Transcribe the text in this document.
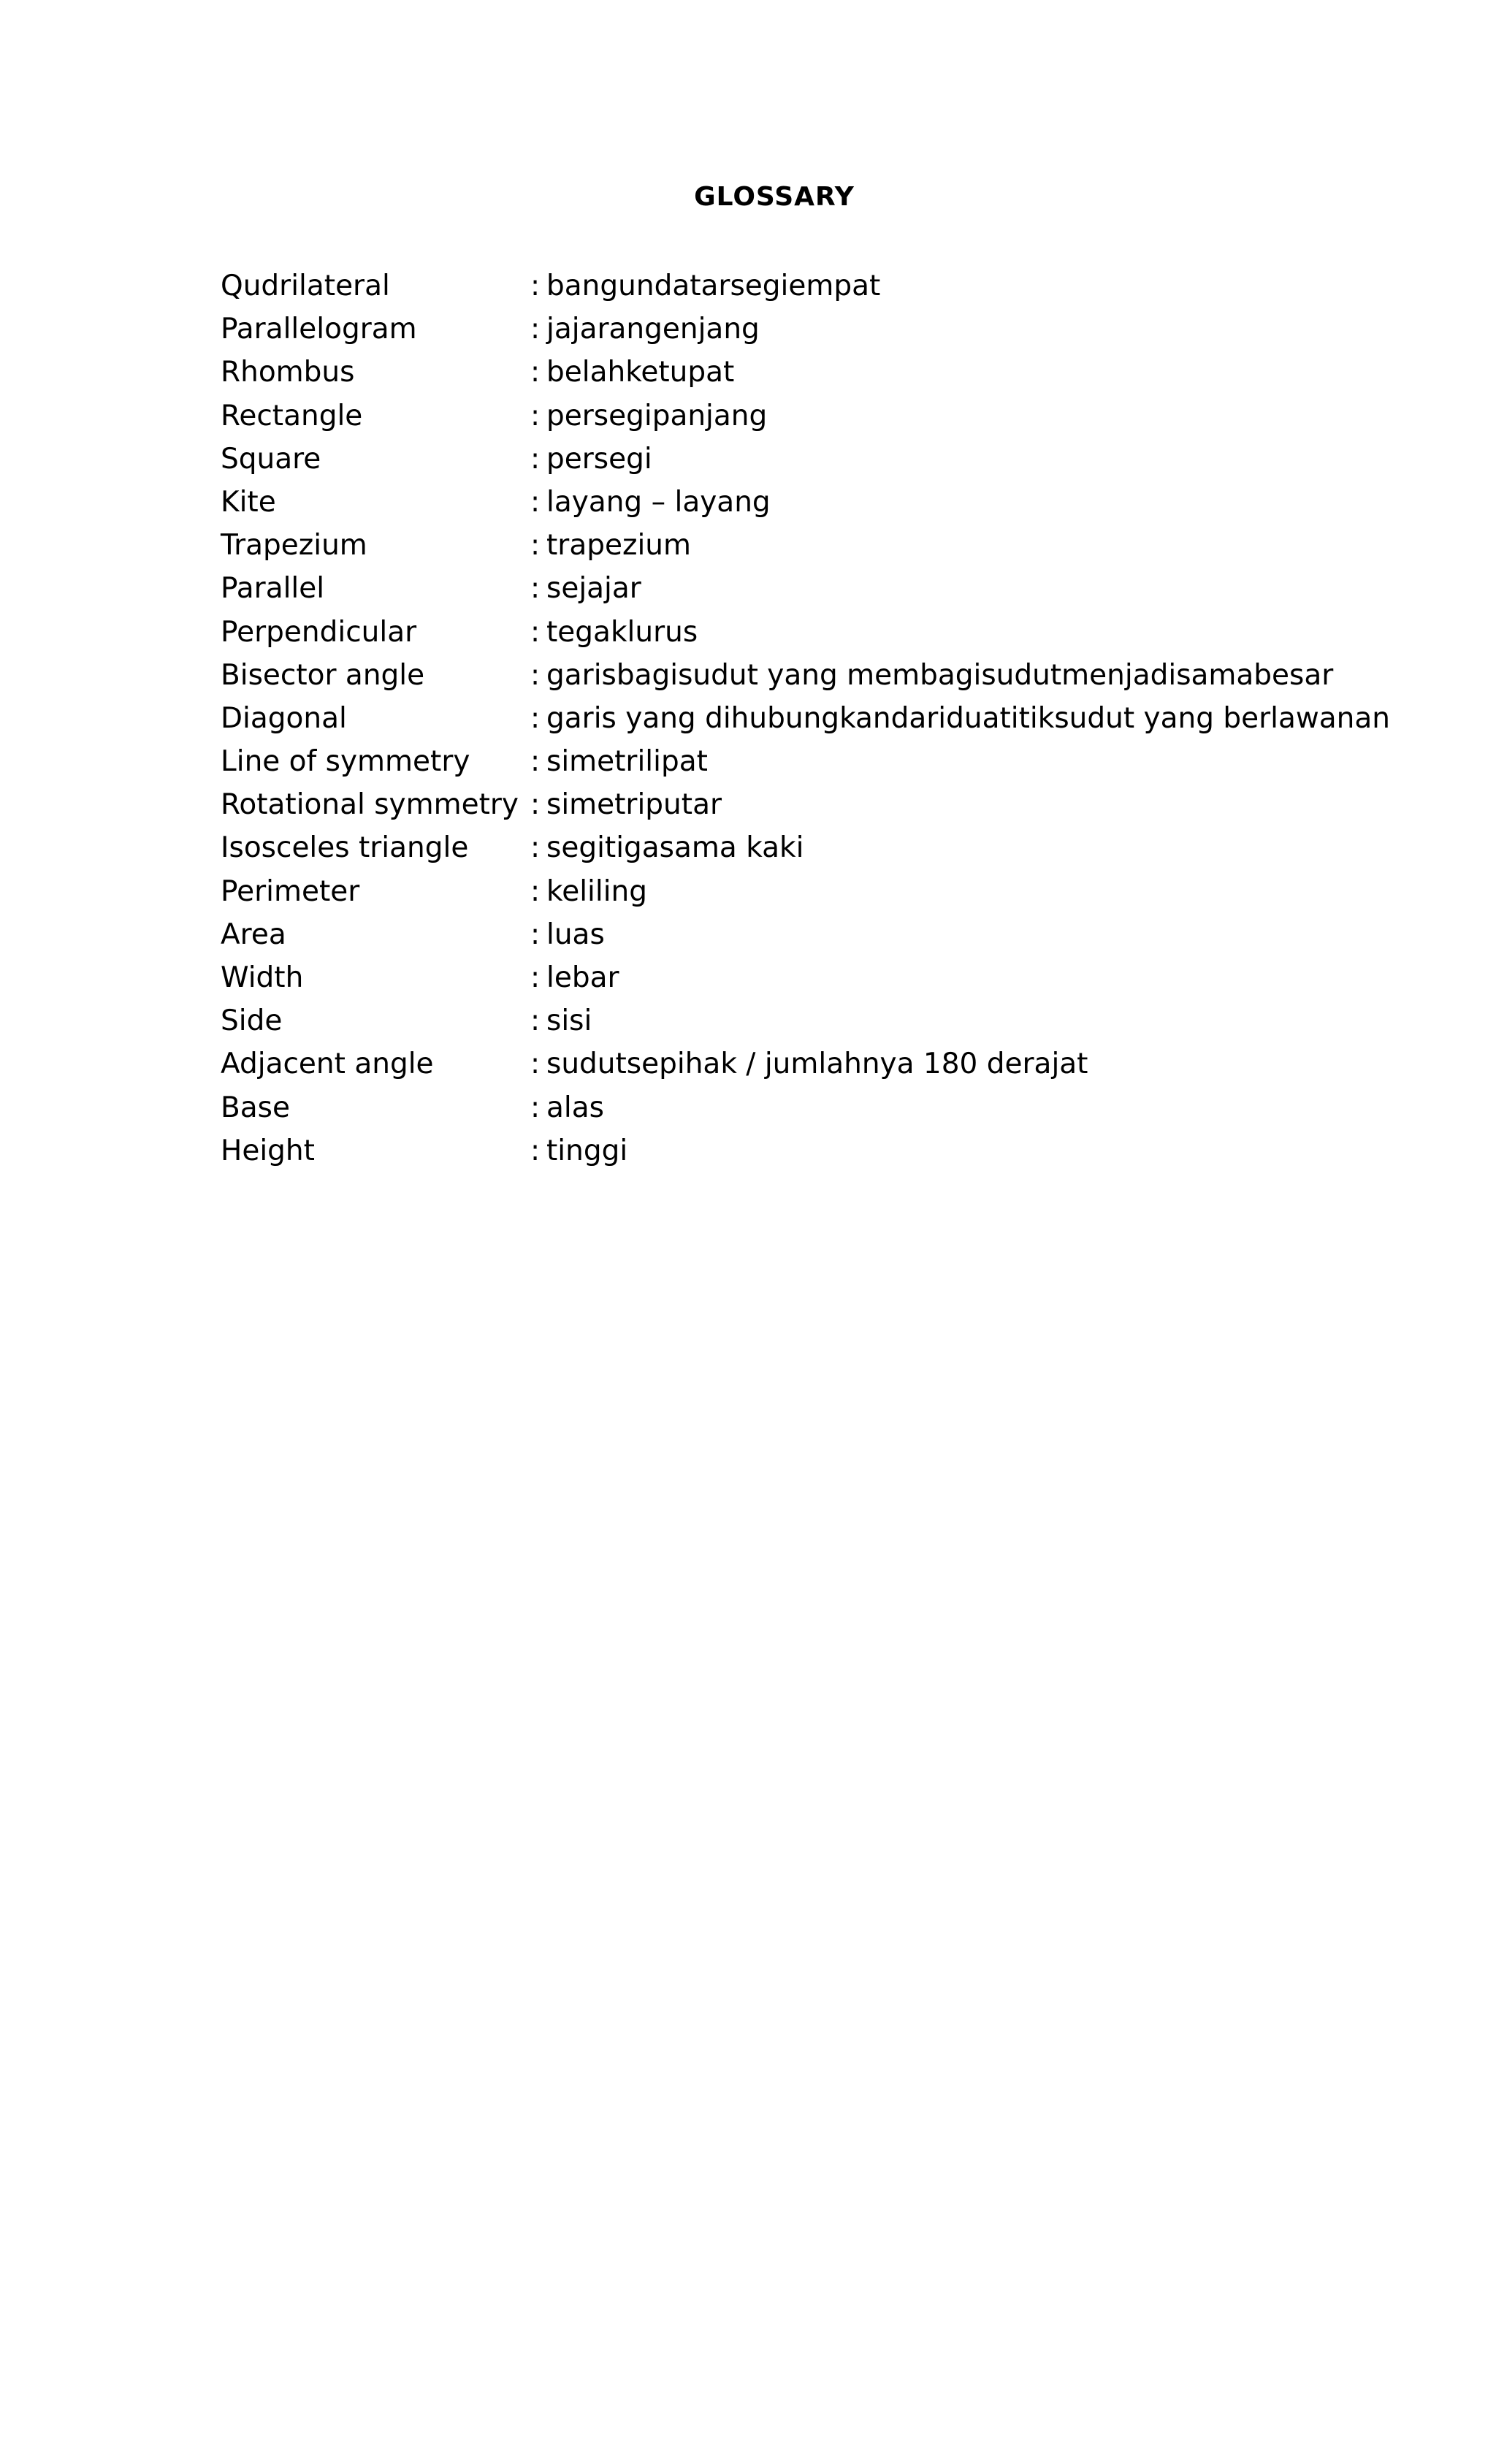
GLOSSARY
Qudrilateral	: bangundatarsegiempat
Parallelogram	: jajarangenjang
Rhombus	: belahketupat
Rectangle	: persegipanjang
Square	: persegi
Kite	: layang – layang
Trapezium	: trapezium
Parallel	: sejajar
Perpendicular	: tegaklurus
Bisector angle	: garisbagisudut yang membagisudutmenjadisamabesar
Diagonal	: garis yang dihubungkandariduatitiksudut yang berlawanan
Line of symmetry	: simetrilipat
Rotational symmetry : simetriputar
Isosceles triangle	: segitigasama kaki
Perimeter	: keliling
Area	: luas
Width	: lebar
Side	: sisi
Adjacent angle	: sudutsepihak / jumlahnya 180 derajat
Base	: alas
Height	: tinggi
